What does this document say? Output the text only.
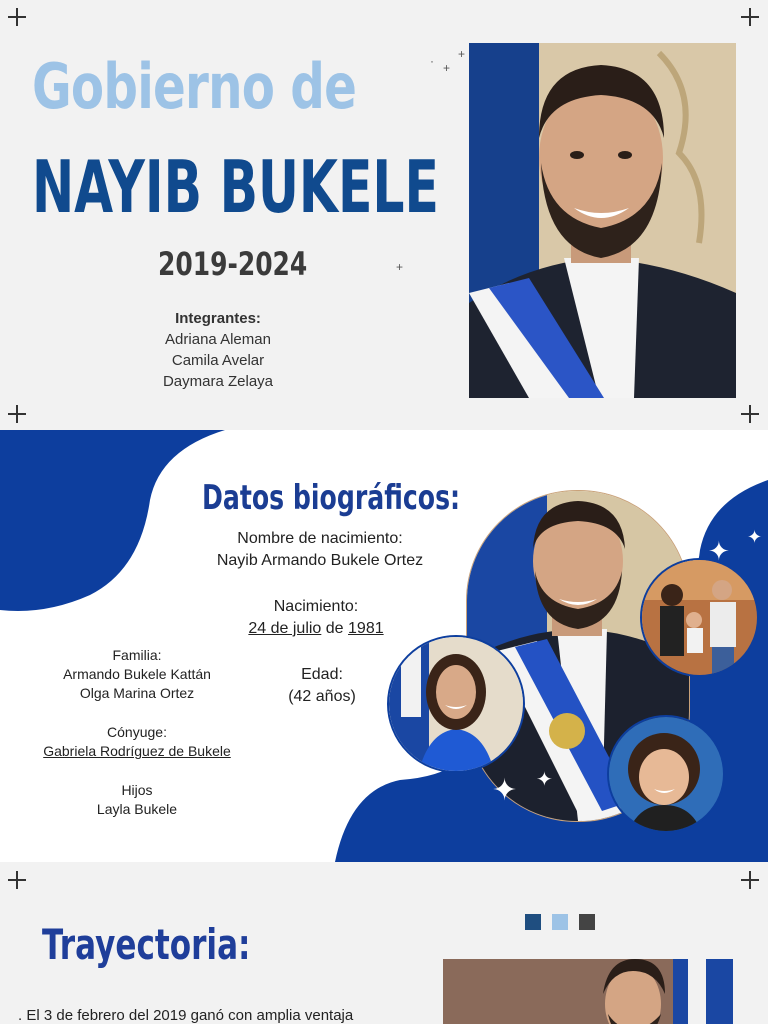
· +
+
+
Gobierno de
NAYIB BUKELE
2019-2024
Integrantes:
Adriana Aleman
Camila Avelar
Daymara Zelaya
Datos biográficos:
Nombre de nacimiento:
Nayib Armando Bukele Ortez
Nacimiento:
24 de julio de 1981
Edad:
(42 años)
Familia:
Armando Bukele Kattán
Olga Marina Ortez
Cónyuge:
Gabriela Rodríguez de Bukele
Hijos
Layla Bukele
✦ ✦
✦ ✦
Trayectoria:
. El 3 de febrero del 2019 ganó con amplia ventaja
